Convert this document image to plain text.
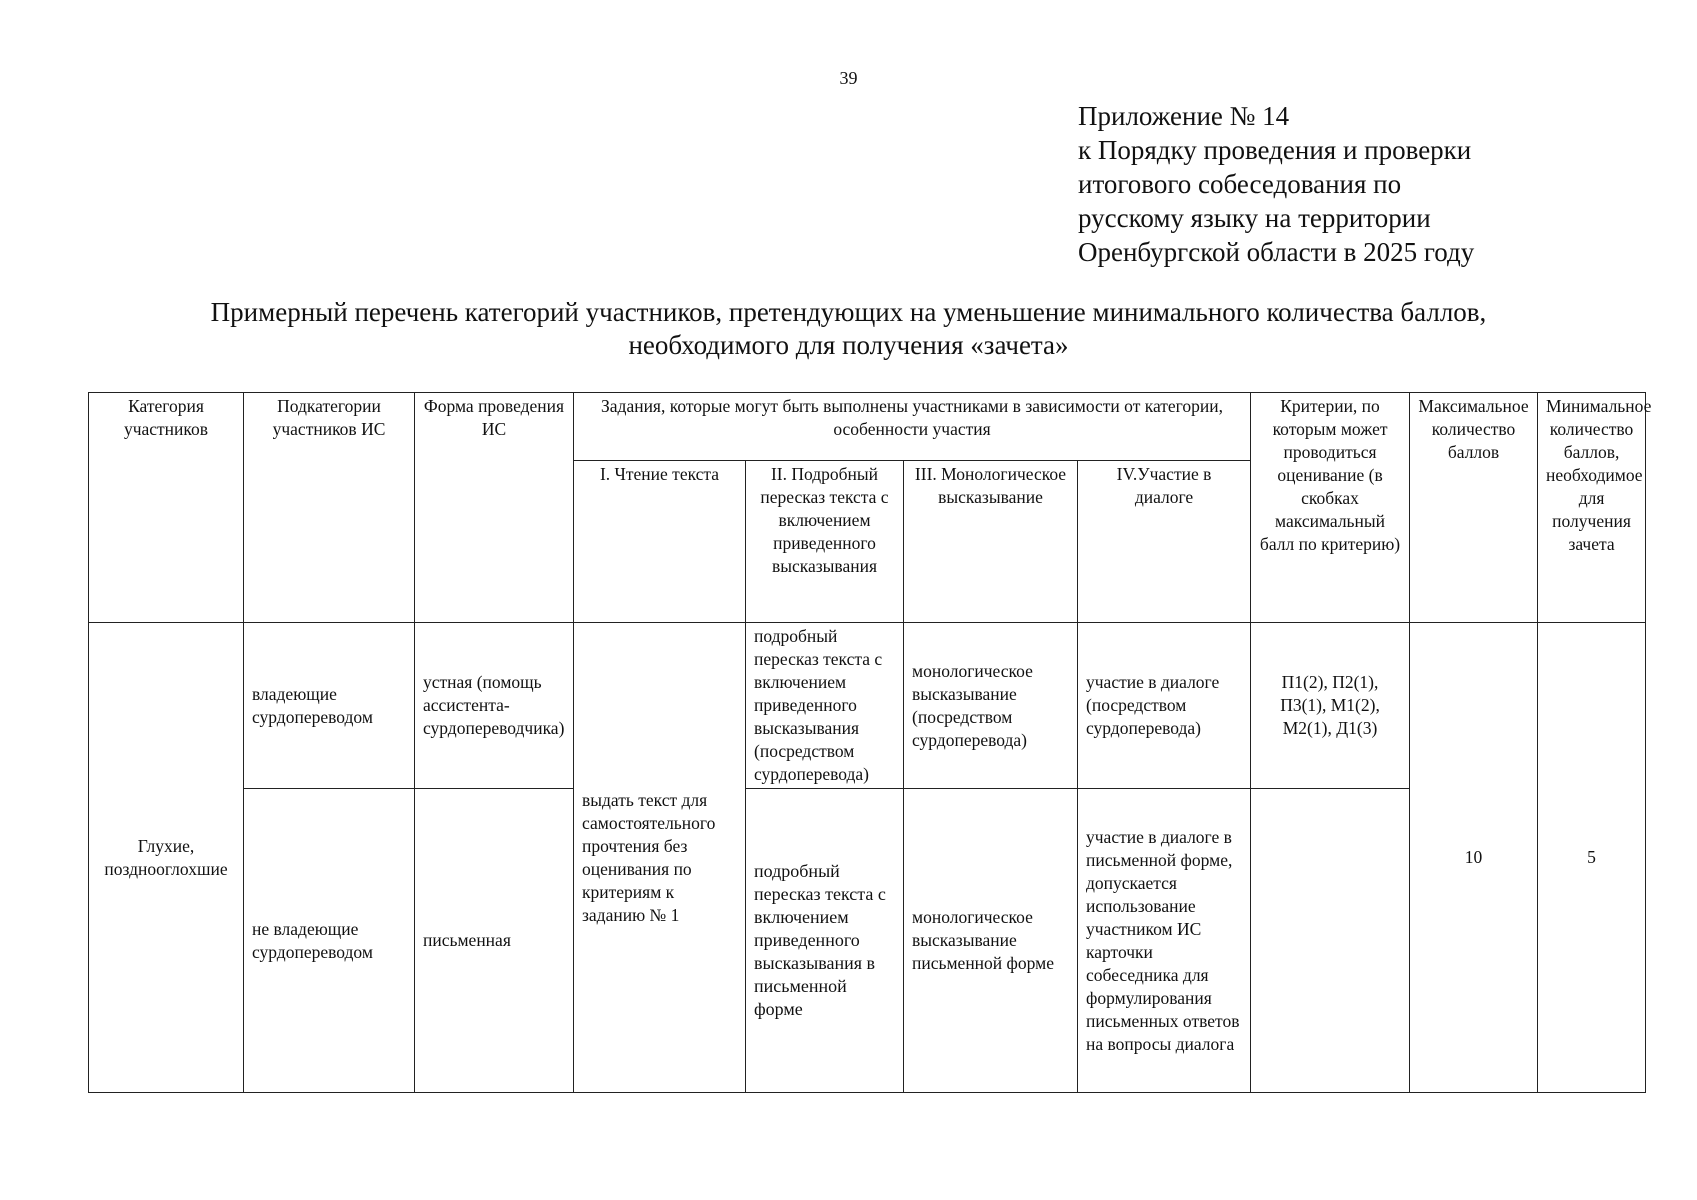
39
Приложение № 14
к Порядку проведения и проверки
итогового собеседования по
русскому языку на территории
Оренбургской области в 2025 году
Примерный перечень категорий участников, претендующих на уменьшение минимального количества баллов,
необходимого для получения «зачета»
Категория участников	Подкатегории участников ИС	Форма проведения ИС	Задания, которые могут быть выполнены участниками в зависимости от категории, особенности участия				Критерии, по которым может проводиться оценивание (в скобках максимальный балл по критерию)	Максимальное количество баллов	Минимальное количество баллов, необходимое для получения зачета
			I. Чтение текста	II. Подробный пересказ текста с включением приведенного высказывания	III. Монологическое высказывание	IV.Участие в диалоге			
Глухие, позднооглохшие	владеющие сурдопереводом	устная (помощь ассистента-сурдопереводчика)	выдать текст для самостоятельного прочтения без оценивания по критериям к заданию № 1	подробный пересказ текста с включением приведенного высказывания (посредством сурдоперевода)	монологическое высказывание (посредством сурдоперевода)	участие в диалоге (посредством сурдоперевода)	П1(2), П2(1), П3(1), М1(2), М2(1), Д1(3)	10	5
	не владеющие сурдопереводом	письменная		подробный пересказ текста с включением приведенного высказывания в письменной форме	монологическое высказывание письменной форме	участие в диалоге в письменной форме, допускается использование участником ИС карточки собеседника для формулирования письменных ответов на вопросы диалога			
